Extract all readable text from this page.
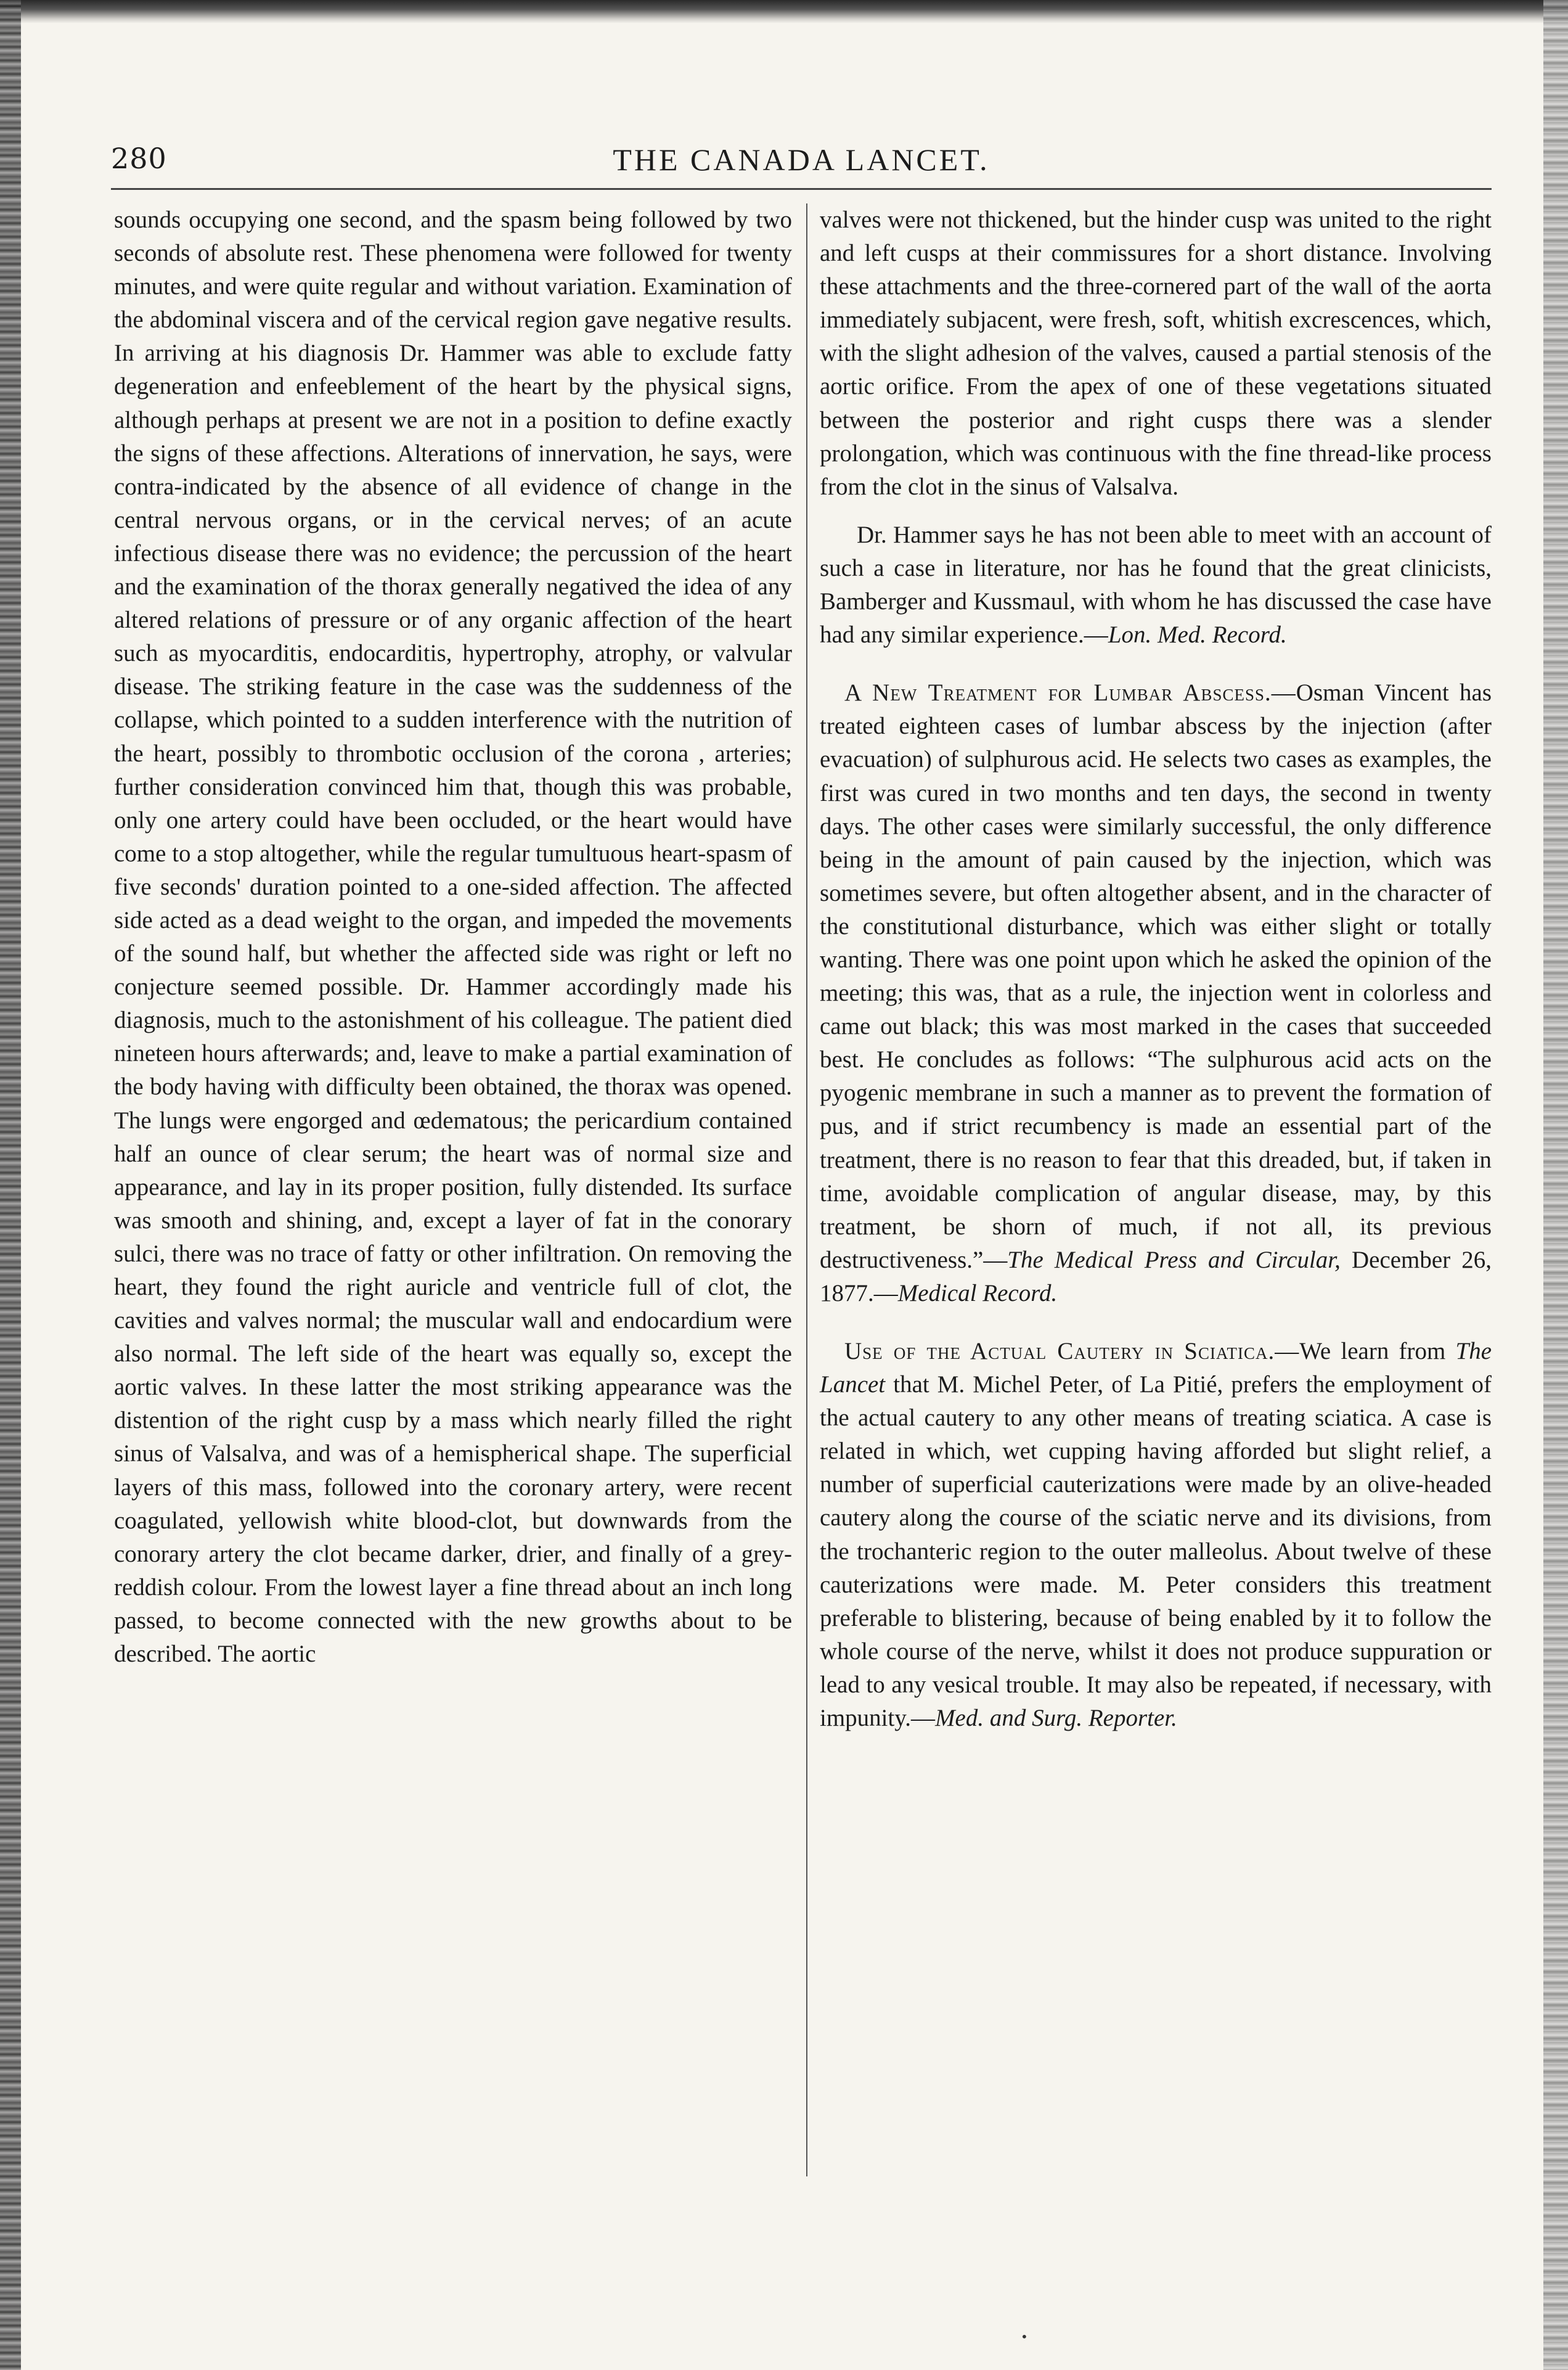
280	THE CANADA LANCET.

sounds occupying one second, and the spasm being followed by two seconds of absolute rest. These phenomena were followed for twenty minutes, and were quite regular and without variation. Examination of the abdominal viscera and of the cervical region gave negative results. In arriving at his diagnosis Dr. Hammer was able to exclude fatty degeneration and enfeeblement of the heart by the physical signs, although perhaps at present we are not in a position to define exactly the signs of these affections. Alterations of innervation, he says, were contra-indicated by the absence of all evidence of change in the central nervous organs, or in the cervical nerves; of an acute infectious disease there was no evidence; the percussion of the heart and the examination of the thorax generally negatived the idea of any altered relations of pressure or of any organic affection of the heart such as myocarditis, endocarditis, hypertrophy, atrophy, or valvular disease. The striking feature in the case was the suddenness of the collapse, which pointed to a sudden interference with the nutrition of the heart, possibly to thrombotic occlusion of the corona , arteries; further consideration convinced him that, though this was probable, only one artery could have been occluded, or the heart would have come to a stop altogether, while the regular tumultuous heart-spasm of five seconds' duration pointed to a one-sided affection. The affected side acted as a dead weight to the organ, and impeded the movements of the sound half, but whether the affected side was right or left no conjecture seemed possible. Dr. Hammer accordingly made his diagnosis, much to the astonishment of his colleague. The patient died nineteen hours afterwards; and, leave to make a partial examination of the body having with difficulty been obtained, the thorax was opened. The lungs were engorged and œdematous; the pericardium contained half an ounce of clear serum; the heart was of normal size and appearance, and lay in its proper position, fully distended. Its surface was smooth and shining, and, except a layer of fat in the conorary sulci, there was no trace of fatty or other infiltration. On removing the heart, they found the right auricle and ventricle full of clot, the cavities and valves normal; the muscular wall and endocardium were also normal. The left side of the heart was equally so, except the aortic valves. In these latter the most striking appearance was the distention of the right cusp by a mass which nearly filled the right sinus of Valsalva, and was of a hemispherical shape. The superficial layers of this mass, followed into the coronary artery, were recent coagulated, yellowish white blood-clot, but downwards from the conorary artery the clot became darker, drier, and finally of a grey-reddish colour. From the lowest layer a fine thread about an inch long passed, to become connected with the new growths about to be described. The aortic

valves were not thickened, but the hinder cusp was united to the right and left cusps at their commissures for a short distance. Involving these attachments and the three-cornered part of the wall of the aorta immediately subjacent, were fresh, soft, whitish excrescences, which, with the slight adhesion of the valves, caused a partial stenosis of the aortic orifice. From the apex of one of these vegetations situated between the posterior and right cusps there was a slender prolongation, which was continuous with the fine thread-like process from the clot in the sinus of Valsalva.

Dr. Hammer says he has not been able to meet with an account of such a case in literature, nor has he found that the great clinicists, Bamberger and Kussmaul, with whom he has discussed the case have had any similar experience.—Lon. Med. Record.

A New Treatment for Lumbar Abscess.—Osman Vincent has treated eighteen cases of lumbar abscess by the injection (after evacuation) of sulphurous acid. He selects two cases as examples, the first was cured in two months and ten days, the second in twenty days. The other cases were similarly successful, the only difference being in the amount of pain caused by the injection, which was sometimes severe, but often altogether absent, and in the character of the constitutional disturbance, which was either slight or totally wanting. There was one point upon which he asked the opinion of the meeting; this was, that as a rule, the injection went in colorless and came out black; this was most marked in the cases that succeeded best. He concludes as follows: “The sulphurous acid acts on the pyogenic membrane in such a manner as to prevent the formation of pus, and if strict recumbency is made an essential part of the treatment, there is no reason to fear that this dreaded, but, if taken in time, avoidable complication of angular disease, may, by this treatment, be shorn of much, if not all, its previous destructiveness.”—The Medical Press and Circular, December 26, 1877.—Medical Record.

Use of the Actual Cautery in Sciatica.—We learn from The Lancet that M. Michel Peter, of La Pitié, prefers the employment of the actual cautery to any other means of treating sciatica. A case is related in which, wet cupping having afforded but slight relief, a number of superficial cauterizations were made by an olive-headed cautery along the course of the sciatic nerve and its divisions, from the trochanteric region to the outer malleolus. About twelve of these cauterizations were made. M. Peter considers this treatment preferable to blistering, because of being enabled by it to follow the whole course of the nerve, whilst it does not produce suppuration or lead to any vesical trouble. It may also be repeated, if necessary, with impunity.—Med. and Surg. Reporter.

•
